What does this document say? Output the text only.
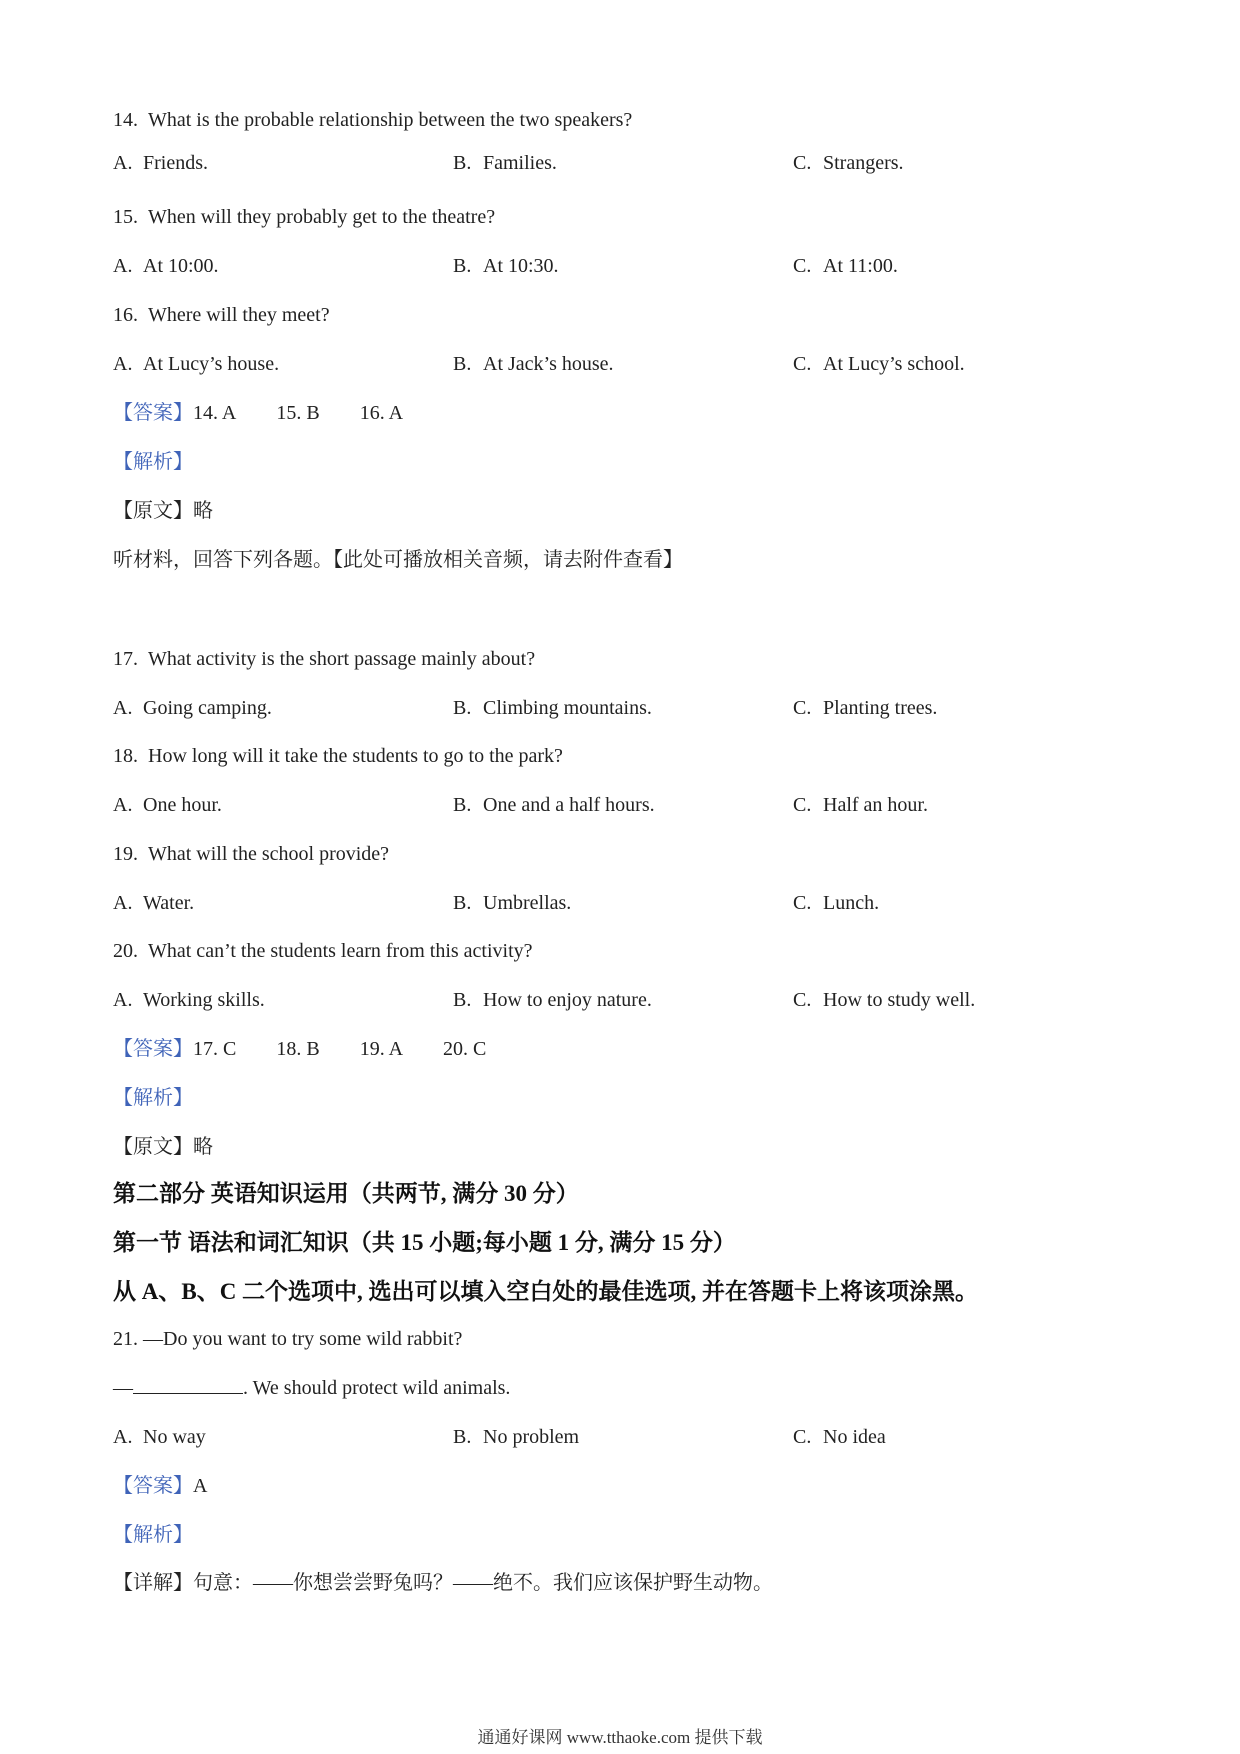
14. What is the probable relationship between the two speakers?
A. Friends.	B. Families.	C. Strangers.
15. When will they probably get to the theatre?
A. At 10:00.	B. At 10:30.	C. At 11:00.
16. Where will they meet?
A. At Lucy’s house.	B. At Jack’s house.	C. At Lucy’s school.
【答案】14. A 15. B 16. A
【解析】
【原文】略
听材料，回答下列各题。【此处可播放相关音频，请去附件查看】
17. What activity is the short passage mainly about?
A. Going camping.	B. Climbing mountains.	C. Planting trees.
18. How long will it take the students to go to the park?
A. One hour.	B. One and a half hours.	C. Half an hour.
19. What will the school provide?
A. Water.	B. Umbrellas.	C. Lunch.
20. What can’t the students learn from this activity?
A. Working skills.	B. How to enjoy nature.	C. How to study well.
【答案】17. C 18. B 19. A 20. C
【解析】
【原文】略
第二部分 英语知识运用（共两节, 满分 30 分）
第一节 语法和词汇知识（共 15 小题;每小题 1 分, 满分 15 分）
从 A、B、C 二个选项中, 选出可以填入空白处的最佳选项, 并在答题卡上将该项涂黑。
21. —Do you want to try some wild rabbit?
—	. We should protect wild animals.
A. No way	B. No problem	C. No idea
【答案】A
【解析】
【详解】句意：——你想尝尝野兔吗？——绝不。我们应该保护野生动物。
通通好课网 www.tthaoke.com 提供下载
